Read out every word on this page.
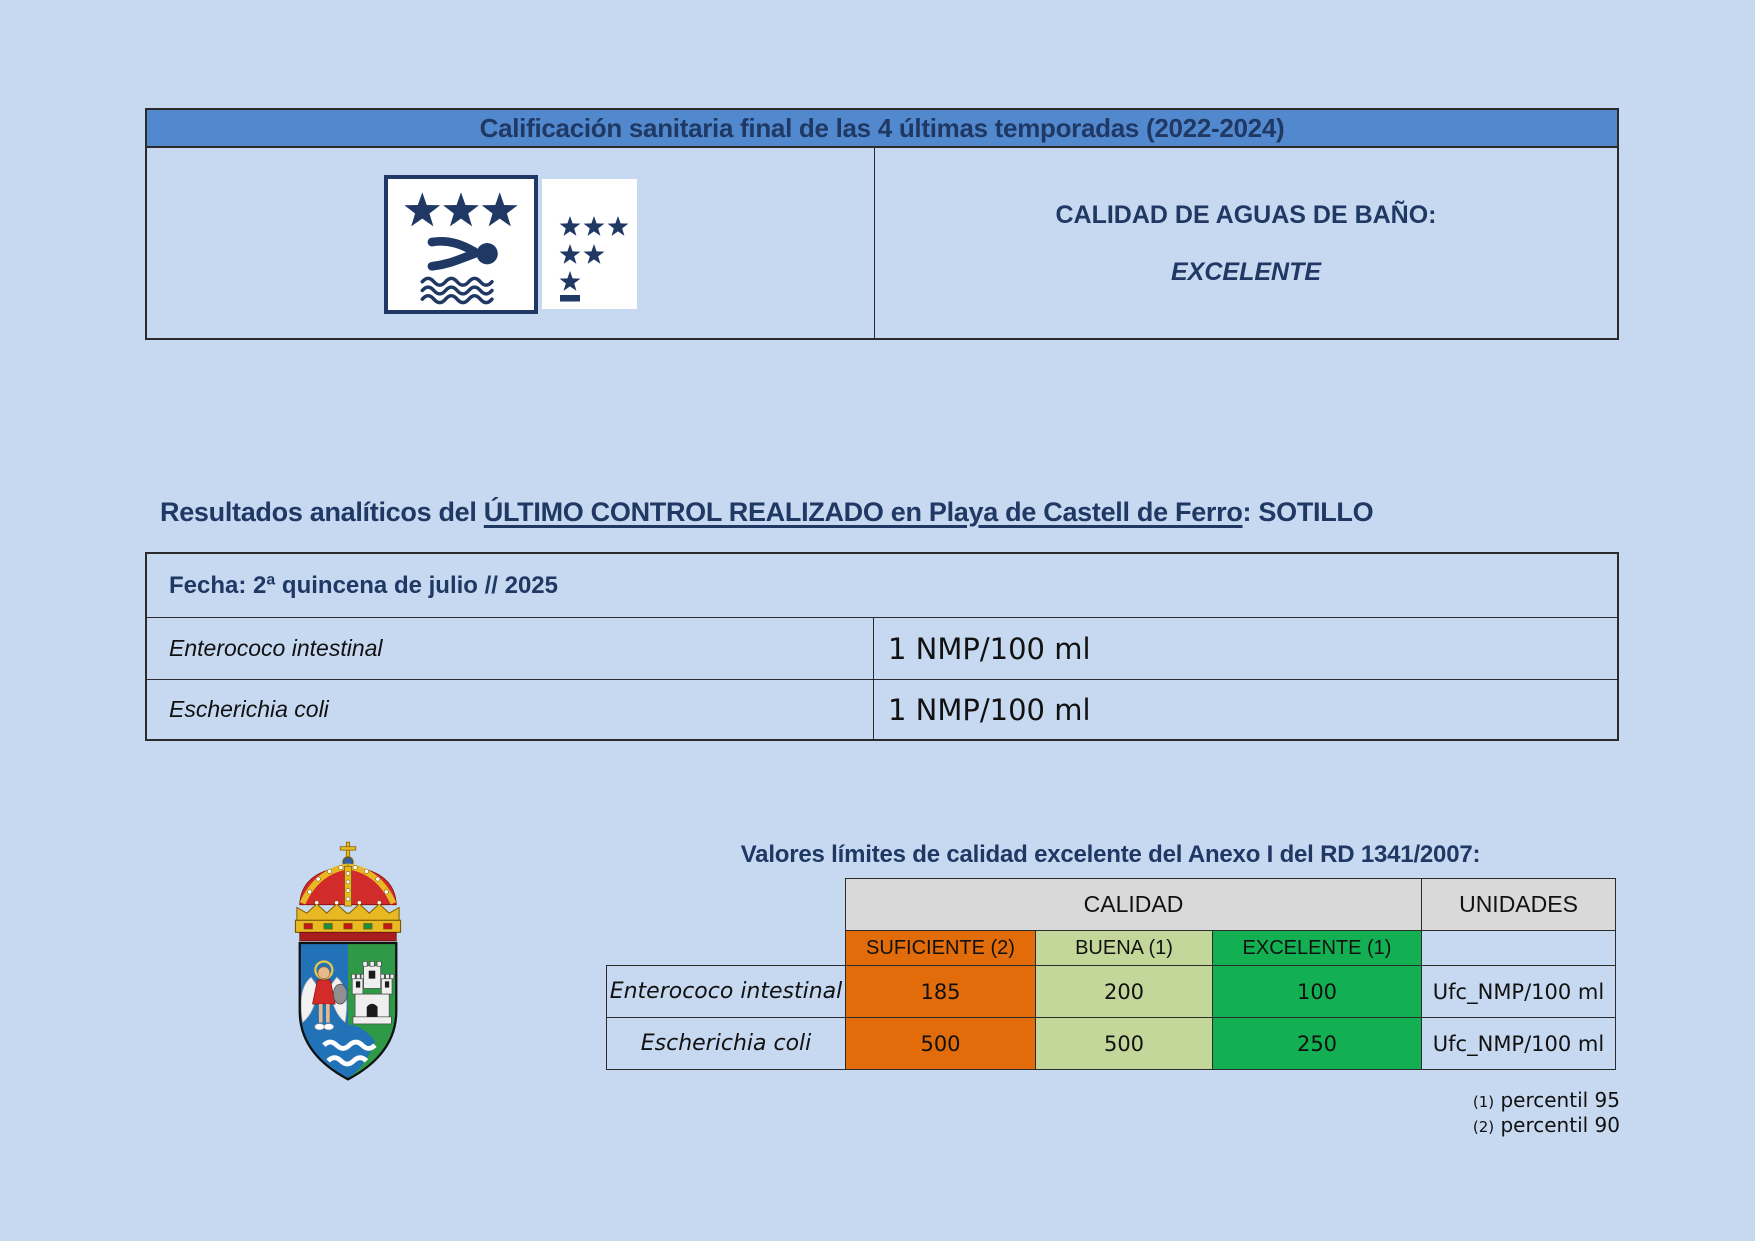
Calificación sanitaria final de las 4 últimas temporadas (2022-2024)
CALIDAD DE AGUAS DE BAÑO:
EXCELENTE
Resultados analíticos del ÚLTIMO CONTROL REALIZADO en Playa de Castell de Ferro: SOTILLO
Fecha: 2ª quincena de julio // 2025
Enterococo intestinal	1 NMP/100 ml
Escherichia coli	1 NMP/100 ml
Valores límites de calidad excelente del Anexo I del RD 1341/2007:
	CALIDAD			UNIDADES
	SUFICIENTE (2)	BUENA (1)	EXCELENTE (1)	
Enterococo intestinal	185	200	100	Ufc_NMP/100 ml
Escherichia coli	500	500	250	Ufc_NMP/100 ml
(1) percentil 95
(2) percentil 90
